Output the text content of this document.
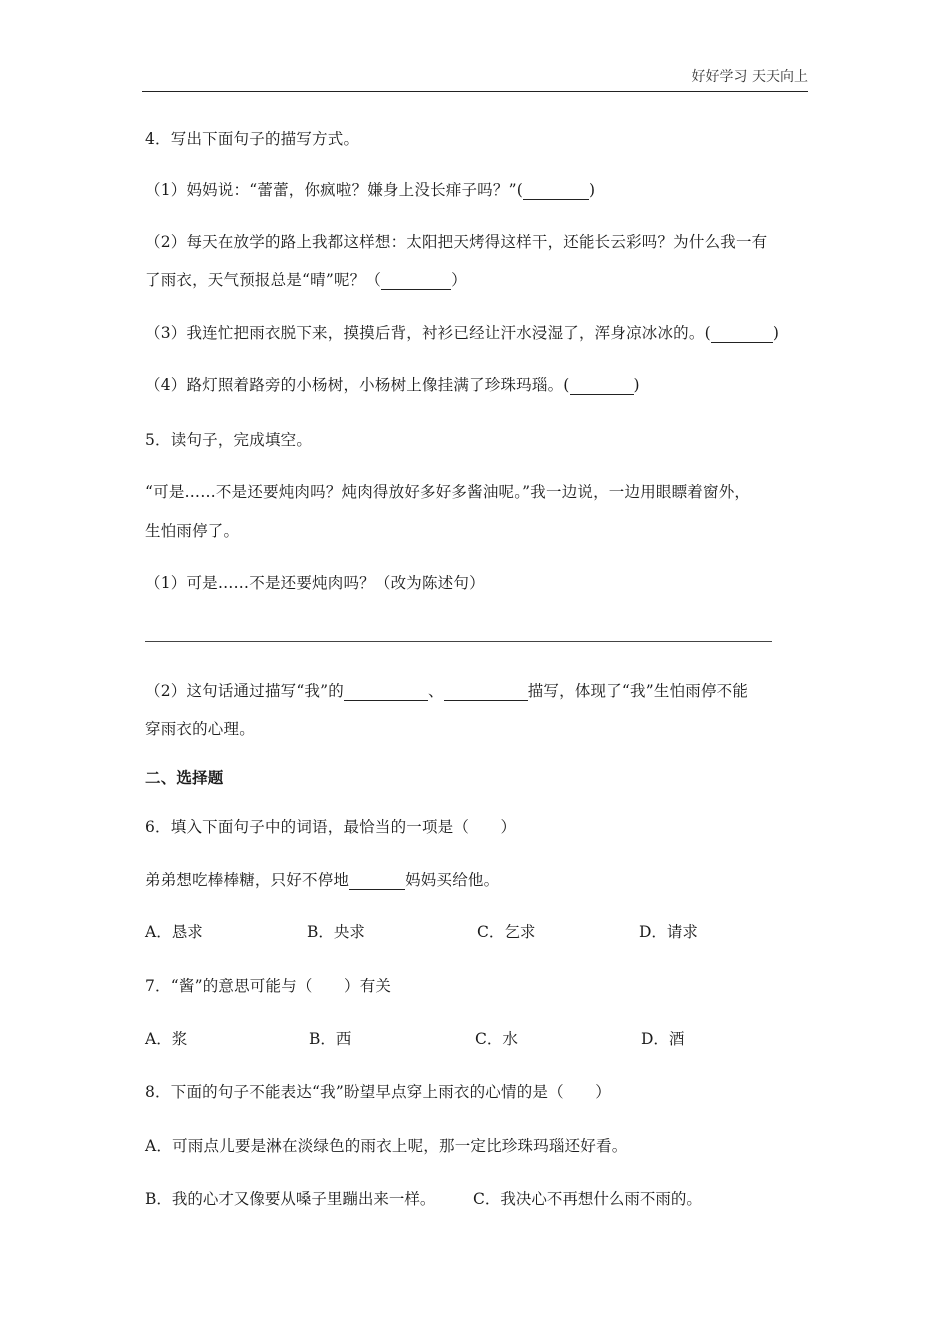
好好学习 天天向上
4．写出下面句子的描写方式。
（1）妈妈说：“蕾蕾，你疯啦？嫌身上没长痱子吗？”(	)
（2）每天在放学的路上我都这样想：太阳把天烤得这样干，还能长云彩吗？为什么我一有
了雨衣，天气预报总是“晴”呢？（	）
（3）我连忙把雨衣脱下来，摸摸后背，衬衫已经让汗水浸湿了，浑身凉冰冰的。(	)
（4）路灯照着路旁的小杨树，小杨树上像挂满了珍珠玛瑙。(	)
5．读句子，完成填空。
“可是……不是还要炖肉吗？炖肉得放好多好多酱油呢。”我一边说，一边用眼瞟着窗外，
生怕雨停了。
（1）可是……不是还要炖肉吗？（改为陈述句）
（2）这句话通过描写“我”的	、	描写，体现了“我”生怕雨停不能
穿雨衣的心理。
二、选择题
6．填入下面句子中的词语，最恰当的一项是（　　）
弟弟想吃棒棒糖，只好不停地	妈妈买给他。
A．恳求	B．央求	C．乞求	D．请求
7．“酱”的意思可能与（　　）有关
A．浆	B．西	C．水	D．酒
8．下面的句子不能表达“我”盼望早点穿上雨衣的心情的是（　　）
A．可雨点儿要是淋在淡绿色的雨衣上呢，那一定比珍珠玛瑙还好看。
B．我的心才又像要从嗓子里蹦出来一样。 C．我决心不再想什么雨不雨的。
